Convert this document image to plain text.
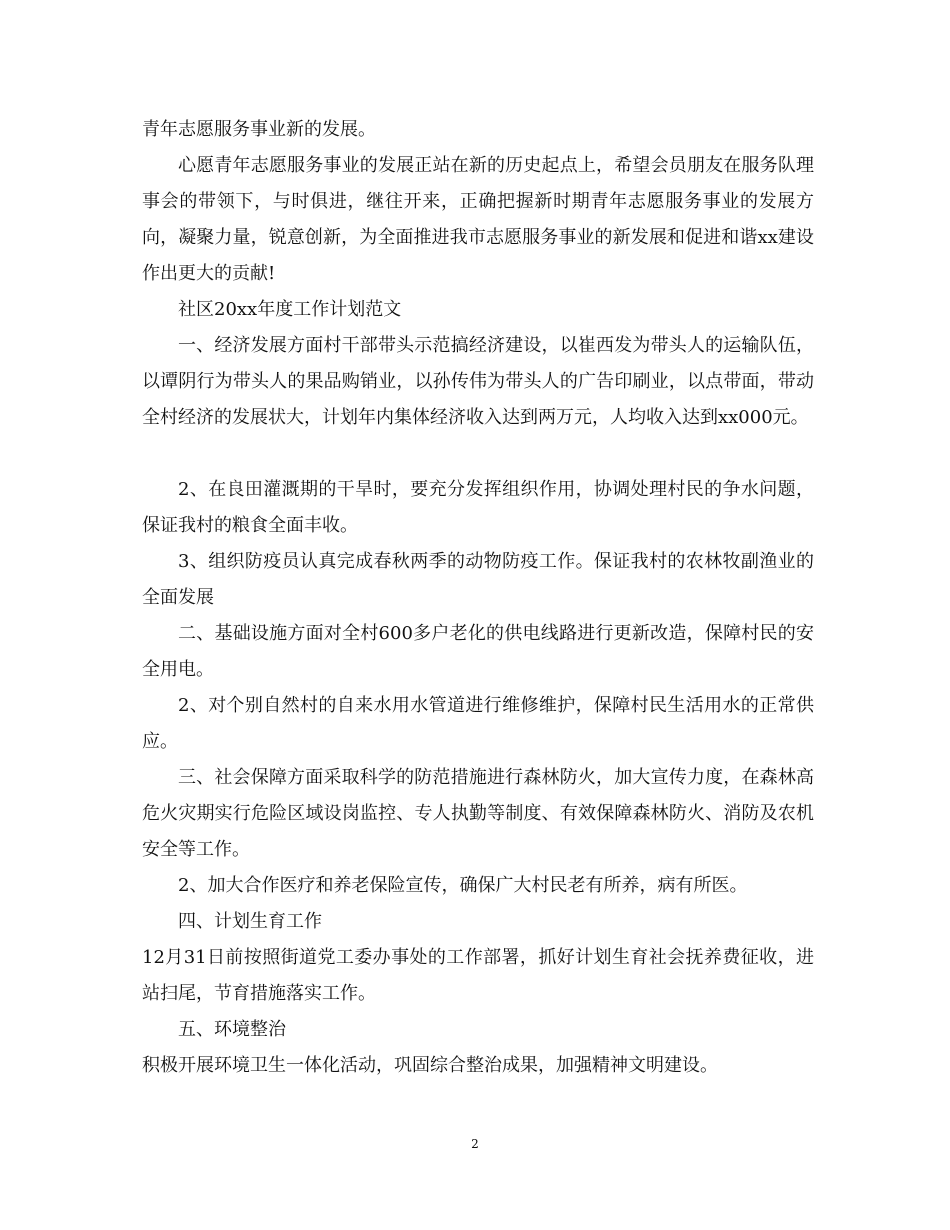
青年志愿服务事业新的发展。

心愿青年志愿服务事业的发展正站在新的历史起点上，希望会员朋友在服务队理事会的带领下，与时俱进，继往开来，正确把握新时期青年志愿服务事业的发展方向，凝聚力量，锐意创新，为全面推进我市志愿服务事业的新发展和促进和谐xx建设作出更大的贡献!

社区20xx年度工作计划范文

一、经济发展方面村干部带头示范搞经济建设，以崔西发为带头人的运输队伍，以谭阴行为带头人的果品购销业，以孙传伟为带头人的广告印刷业，以点带面，带动全村经济的发展状大，计划年内集体经济收入达到两万元，人均收入达到xx000元。

2、在良田灌溉期的干旱时，要充分发挥组织作用，协调处理村民的争水问题，保证我村的粮食全面丰收。

3、组织防疫员认真完成春秋两季的动物防疫工作。保证我村的农林牧副渔业的全面发展

二、基础设施方面对全村600多户老化的供电线路进行更新改造，保障村民的安全用电。

2、对个别自然村的自来水用水管道进行维修维护，保障村民生活用水的正常供应。

三、社会保障方面采取科学的防范措施进行森林防火，加大宣传力度，在森林高危火灾期实行危险区域设岗监控、专人执勤等制度、有效保障森林防火、消防及农机安全等工作。

2、加大合作医疗和养老保险宣传，确保广大村民老有所养，病有所医。

四、计划生育工作

12月31日前按照街道党工委办事处的工作部署，抓好计划生育社会抚养费征收，进站扫尾，节育措施落实工作。

五、环境整治

积极开展环境卫生一体化活动，巩固综合整治成果，加强精神文明建设。

2
